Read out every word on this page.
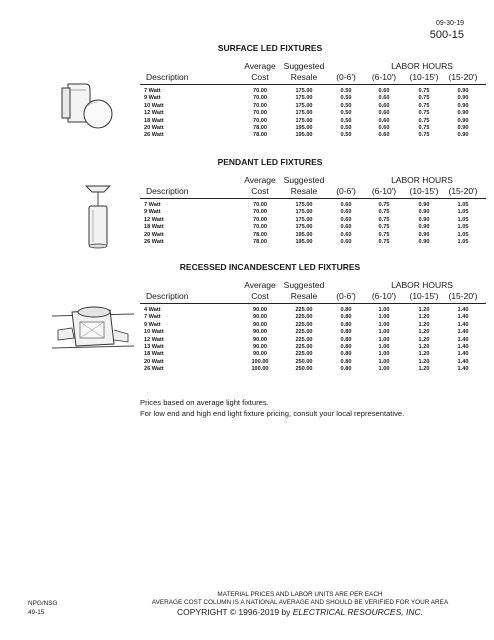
09-30-19
500-15
SURFACE LED FIXTURES
Average Suggested	LABOR HOURS
Description	Cost	Resale	(0-6')	(6-10')	(10-15')	(15-20')
7 Watt	70.00	175.00	0.50	0.60	0.75	0.90
9 Watt	70.00	175.00	0.50	0.60	0.75	0.90
10 Watt	70.00	175.00	0.50	0.60	0.75	0.90
12 Watt	70.00	175.00	0.50	0.60	0.75	0.90
18 Watt	70.00	175.00	0.50	0.60	0.75	0.90
20 Watt	78.00	195.00	0.50	0.60	0.75	0.90
26 Watt	78.00	195.00	0.50	0.60	0.75	0.90
PENDANT LED FIXTURES
Average Suggested	LABOR HOURS
Description	Cost	Resale	(0-6')	(6-10')	(10-15')	(15-20')
7 Watt	70.00	175.00	0.60	0.75	0.90	1.05
9 Watt	70.00	175.00	0.60	0.75	0.90	1.05
12 Watt	70.00	175.00	0.60	0.75	0.90	1.05
18 Watt	70.00	175.00	0.60	0.75	0.90	1.05
20 Watt	78.00	195.00	0.60	0.75	0.90	1.05
26 Watt	78.00	195.00	0.60	0.75	0.90	1.05
RECESSED INCANDESCENT LED FIXTURES
Average Suggested	LABOR HOURS
Description	Cost	Resale	(0-6')	(6-10')	(10-15')	(15-20')
4 Watt	90.00	225.00	0.80	1.00	1.20	1.40
7 Watt	90.00	225.00	0.80	1.00	1.20	1.40
9 Watt	90.00	225.00	0.80	1.00	1.20	1.40
10 Watt	90.00	225.00	0.80	1.00	1.20	1.40
12 Watt	90.00	225.00	0.80	1.00	1.20	1.40
13 Watt	90.00	225.00	0.80	1.00	1.20	1.40
18 Watt	90.00	225.00	0.80	1.00	1.20	1.40
20 Watt	100.00	250.00	0.80	1.00	1.20	1.40
26 Watt	100.00	250.00	0.80	1.00	1.20	1.40
Prices based on average light fixtures.
For low end and high end light fixture pricing, consult your local representative.
MATERIAL PRICES AND LABOR UNITS ARE PER EACH
AVERAGE COST COLUMN IS A NATIONAL AVERAGE AND SHOULD BE VERIFIED FOR YOUR AREA
COPYRIGHT © 1996-2019 by ELECTRICAL RESOURCES, INC.
NPG/NSG
49-15
